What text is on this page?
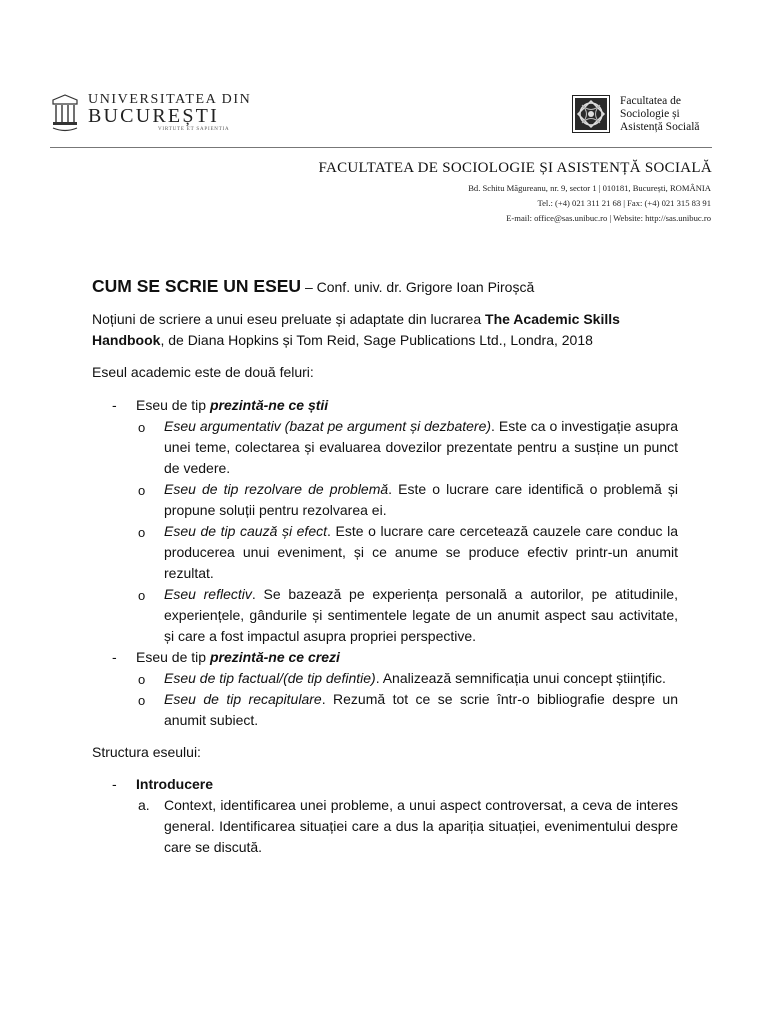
UNIVERSITATEA DIN
BUCUREȘTI
VIRTUTE ET SAPIENTIA
Facultatea de
Sociologie și
Asistență Socială
FACULTATEA DE SOCIOLOGIE ȘI ASISTENȚĂ SOCIALĂ
Bd. Schitu Măgureanu, nr. 9, sector 1 | 010181, București, ROMÂNIA
Tel.: (+4) 021 311 21 68 | Fax: (+4) 021 315 83 91
E-mail: office@sas.unibuc.ro | Website: http://sas.unibuc.ro
CUM SE SCRIE UN ESEU – Conf. univ. dr. Grigore Ioan Piroșcă

Noțiuni de scriere a unui eseu preluate și adaptate din lucrarea The Academic Skills Handbook, de Diana Hopkins și Tom Reid, Sage Publications Ltd., Londra, 2018

Eseul academic este de două feluri:

- Eseu de tip prezintă-ne ce știi
o Eseu argumentativ (bazat pe argument și dezbatere). Este ca o investigație asupra unei teme, colectarea și evaluarea dovezilor prezentate pentru a susține un punct de vedere.
o Eseu de tip rezolvare de problemă. Este o lucrare care identifică o problemă și propune soluții pentru rezolvarea ei.
o Eseu de tip cauză și efect. Este o lucrare care cercetează cauzele care conduc la producerea unui eveniment, și ce anume se produce efectiv printr-un anumit rezultat.
o Eseu reflectiv. Se bazează pe experiența personală a autorilor, pe atitudinile, experiențele, gândurile și sentimentele legate de un anumit aspect sau activitate, și care a fost impactul asupra propriei perspective.
- Eseu de tip prezintă-ne ce crezi
o Eseu de tip factual/(de tip defintie). Analizează semnificația unui concept științific.
o Eseu de tip recapitulare. Rezumă tot ce se scrie într-o bibliografie despre un anumit subiect.

Structura eseului:

- Introducere
a. Context, identificarea unei probleme, a unui aspect controversat, a ceva de interes general. Identificarea situației care a dus la apariția situației, evenimentului despre care se discută.
